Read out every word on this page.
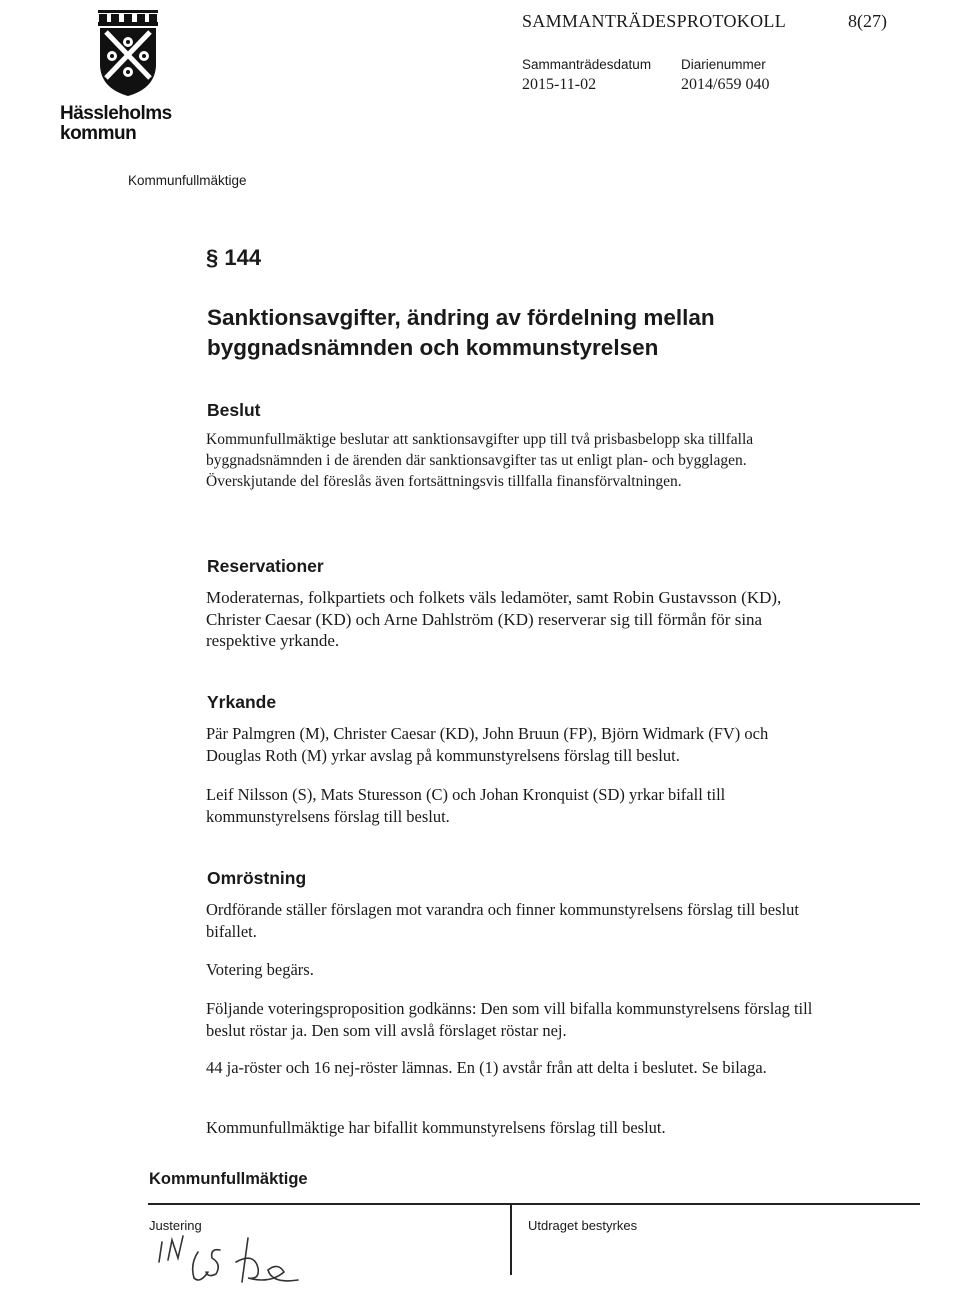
Hässleholms kommun
SAMMANTRÄDESPROTOKOLL	8(27)
Sammanträdesdatum
2015-11-02
Diarienummer
2014/659 040
Kommunfullmäktige
§ 144
Sanktionsavgifter, ändring av fördelning mellan byggnadsnämnden och kommunstyrelsen
Beslut
Kommunfullmäktige beslutar att sanktionsavgifter upp till två prisbasbelopp ska tillfalla byggnadsnämnden i de ärenden där sanktionsavgifter tas ut enligt plan- och bygglagen. Överskjutande del föreslås även fortsättningsvis tillfalla finansförvaltningen.
Reservationer
Moderaternas, folkpartiets och folkets väls ledamöter, samt Robin Gustavsson (KD), Christer Caesar (KD) och Arne Dahlström (KD) reserverar sig till förmån för sina respektive yrkande.
Yrkande
Pär Palmgren (M), Christer Caesar (KD), John Bruun (FP), Björn Widmark (FV) och Douglas Roth (M) yrkar avslag på kommunstyrelsens förslag till beslut.
Leif Nilsson (S), Mats Sturesson (C) och Johan Kronquist (SD) yrkar bifall till kommunstyrelsens förslag till beslut.
Omröstning
Ordförande ställer förslagen mot varandra och finner kommunstyrelsens förslag till beslut bifallet.
Votering begärs.
Följande voteringsproposition godkänns: Den som vill bifalla kommunstyrelsens förslag till beslut röstar ja. Den som vill avslå förslaget röstar nej.
44 ja-röster och 16 nej-röster lämnas. En (1) avstår från att delta i beslutet. Se bilaga.
Kommunfullmäktige har bifallit kommunstyrelsens förslag till beslut.
Kommunfullmäktige
Justering	Utdraget bestyrkes
